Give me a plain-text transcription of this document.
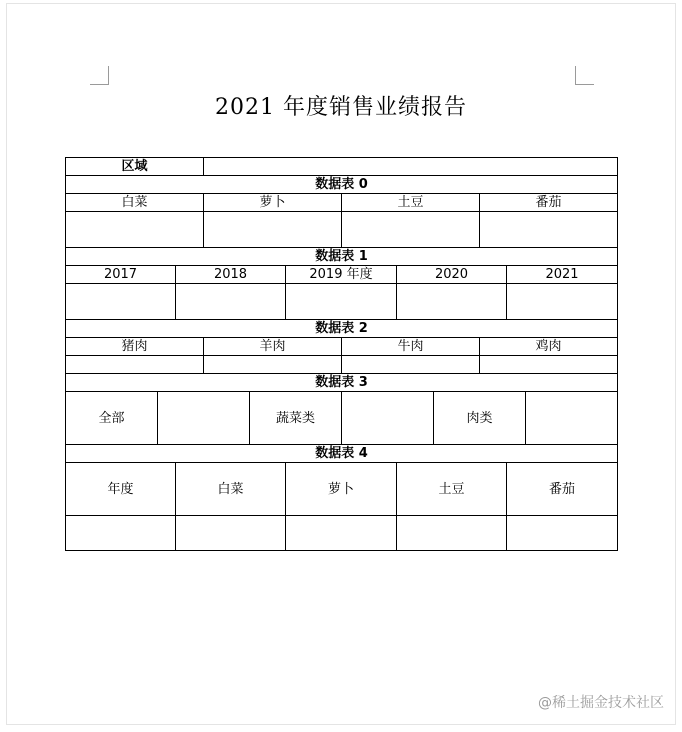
2021 年度销售业绩报告
区域			
数据表 0			
白菜	萝卜	土豆	番茄

数据表 1				
2017	2018	2019 年度	2020	2021

数据表 2			
猪肉	羊肉	牛肉	鸡肉

数据表 3
全部		蔬菜类		肉类	
数据表 4				
年度	白菜	萝卜	土豆	番茄

@稀土掘金技术社区
